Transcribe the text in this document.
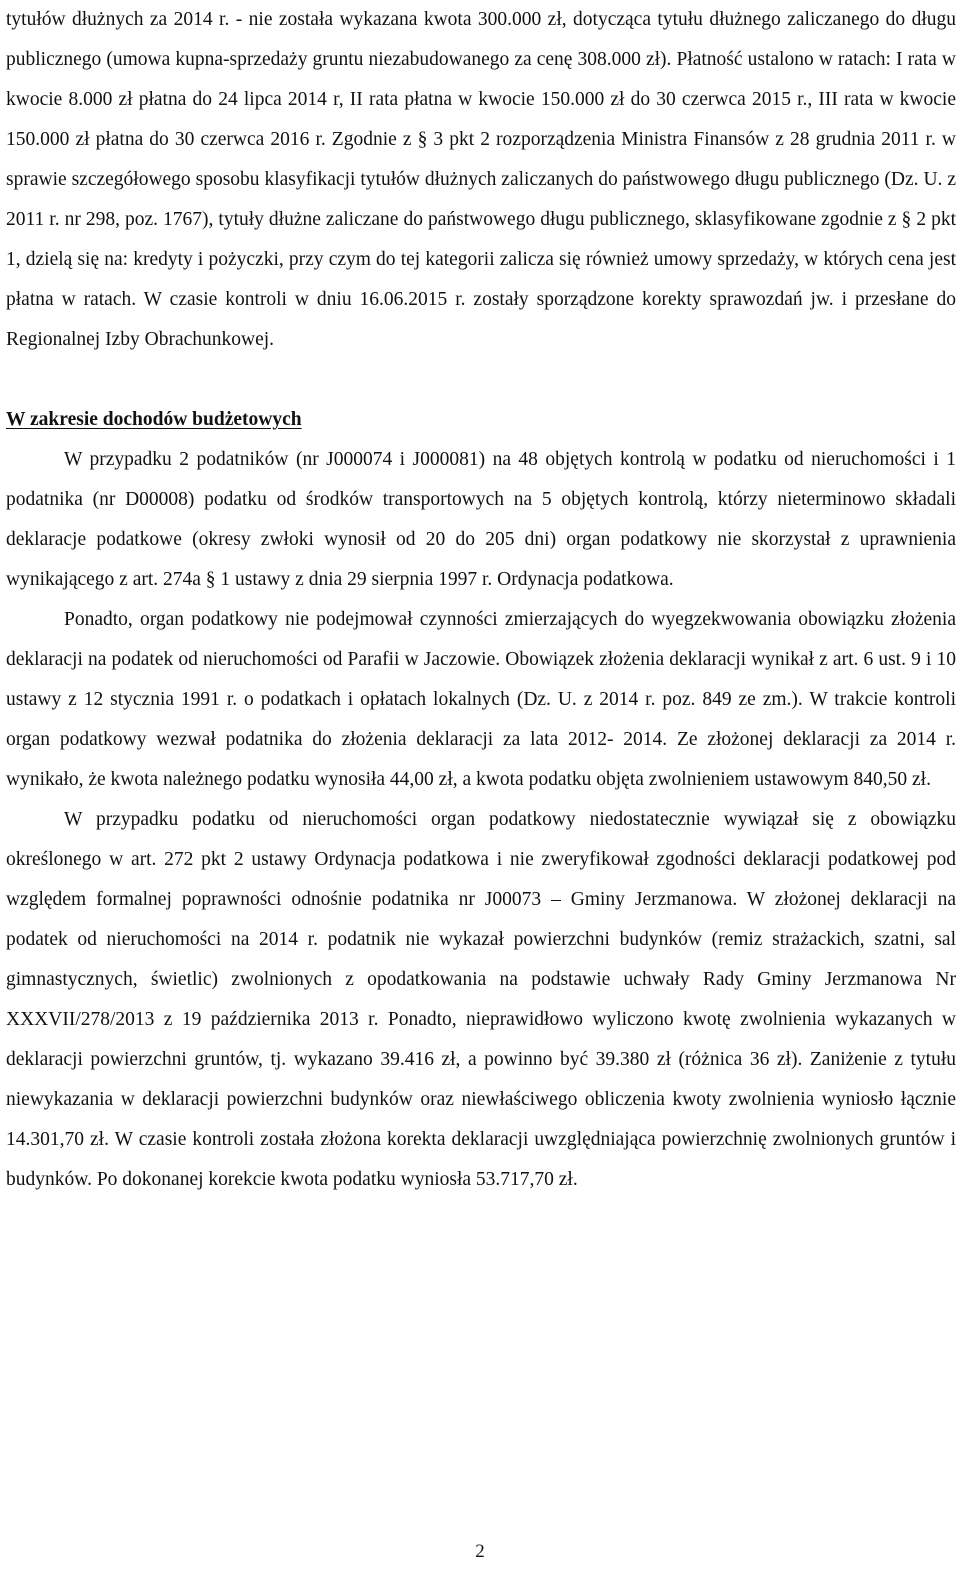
tytułów dłużnych za 2014 r. - nie została wykazana kwota 300.000 zł, dotycząca tytułu dłużnego zaliczanego do długu publicznego (umowa kupna-sprzedaży gruntu niezabudowanego za cenę 308.000 zł). Płatność ustalono w ratach: I rata w kwocie 8.000 zł płatna do 24 lipca 2014 r, II rata płatna w kwocie 150.000 zł do 30 czerwca 2015 r., III rata w kwocie 150.000 zł płatna do 30 czerwca 2016 r. Zgodnie z § 3 pkt 2 rozporządzenia Ministra Finansów z 28 grudnia 2011 r. w sprawie szczegółowego sposobu klasyfikacji tytułów dłużnych zaliczanych do państwowego długu publicznego (Dz. U. z 2011 r. nr 298, poz. 1767), tytuły dłużne zaliczane do państwowego długu publicznego, sklasyfikowane zgodnie z § 2 pkt 1, dzielą się na: kredyty i pożyczki, przy czym do tej kategorii zalicza się również umowy sprzedaży, w których cena jest płatna w ratach. W czasie kontroli w dniu 16.06.2015 r. zostały sporządzone korekty sprawozdań jw. i przesłane do Regionalnej Izby Obrachunkowej.

W zakresie dochodów budżetowych

W przypadku 2 podatników (nr J000074 i J000081) na 48 objętych kontrolą w podatku od nieruchomości i 1 podatnika (nr D00008) podatku od środków transportowych na 5 objętych kontrolą, którzy nieterminowo składali deklaracje podatkowe (okresy zwłoki wynosił od 20 do 205 dni) organ podatkowy nie skorzystał z uprawnienia wynikającego z art. 274a § 1 ustawy z dnia 29 sierpnia 1997 r. Ordynacja podatkowa.

Ponadto, organ podatkowy nie podejmował czynności zmierzających do wyegzekwowania obowiązku złożenia deklaracji na podatek od nieruchomości od Parafii w Jaczowie. Obowiązek złożenia deklaracji wynikał z art. 6 ust. 9 i 10 ustawy z 12 stycznia 1991 r. o podatkach i opłatach lokalnych (Dz. U. z 2014 r. poz. 849 ze zm.). W trakcie kontroli organ podatkowy wezwał podatnika do złożenia deklaracji za lata 2012- 2014. Ze złożonej deklaracji za 2014 r. wynikało, że kwota należnego podatku wynosiła 44,00 zł, a kwota podatku objęta zwolnieniem ustawowym 840,50 zł.

W przypadku podatku od nieruchomości organ podatkowy niedostatecznie wywiązał się z obowiązku określonego w art. 272 pkt 2 ustawy Ordynacja podatkowa i nie zweryfikował zgodności deklaracji podatkowej pod względem formalnej poprawności odnośnie podatnika nr J00073 – Gminy Jerzmanowa. W złożonej deklaracji na podatek od nieruchomości na 2014 r. podatnik nie wykazał powierzchni budynków (remiz strażackich, szatni, sal gimnastycznych, świetlic) zwolnionych z opodatkowania na podstawie uchwały Rady Gminy Jerzmanowa Nr XXXVII/278/2013 z 19 października 2013 r. Ponadto, nieprawidłowo wyliczono kwotę zwolnienia wykazanych w deklaracji powierzchni gruntów, tj. wykazano 39.416 zł, a powinno być 39.380 zł (różnica 36 zł). Zaniżenie z tytułu niewykazania w deklaracji powierzchni budynków oraz niewłaściwego obliczenia kwoty zwolnienia wyniosło łącznie 14.301,70 zł. W czasie kontroli została złożona korekta deklaracji uwzględniająca powierzchnię zwolnionych gruntów i budynków. Po dokonanej korekcie kwota podatku wyniosła 53.717,70 zł.

2
